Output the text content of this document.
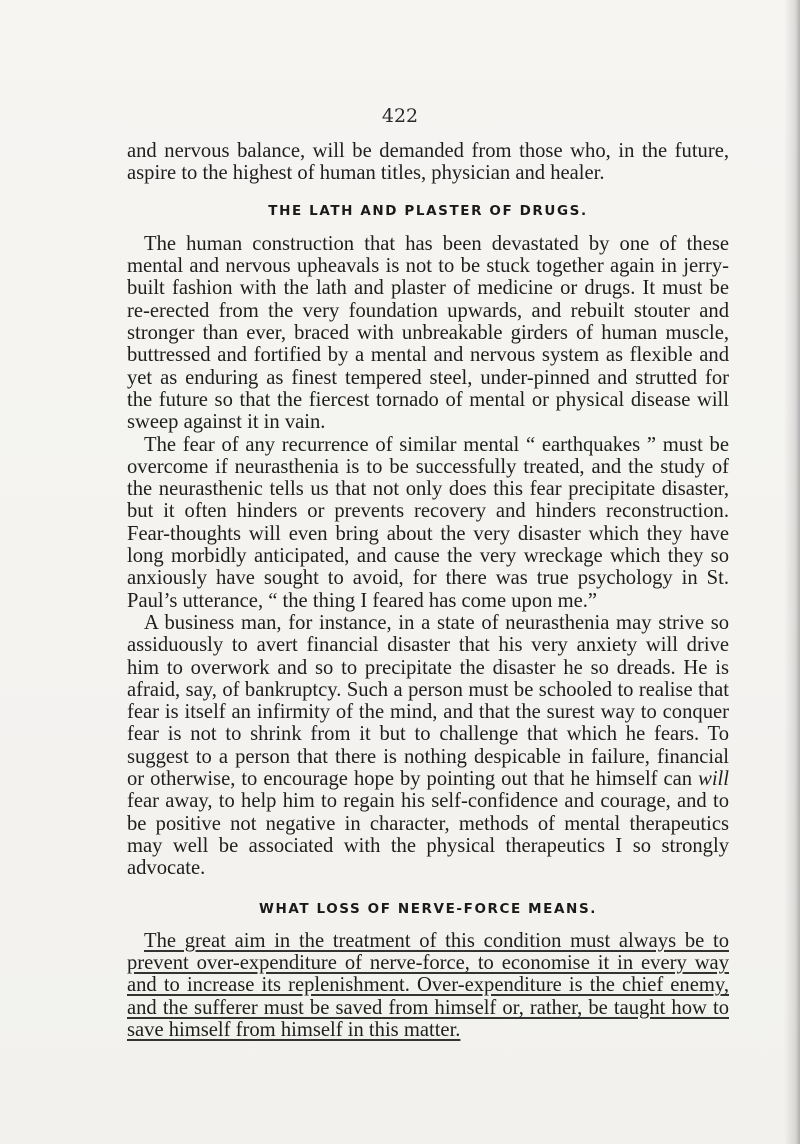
422

and nervous balance, will be demanded from those who, in the future, aspire to the highest of human titles, physician and healer.

THE LATH AND PLASTER OF DRUGS.

The human construction that has been devastated by one of these mental and nervous upheavals is not to be stuck together again in jerry-built fashion with the lath and plaster of medicine or drugs. It must be re-erected from the very foundation upwards, and rebuilt stouter and stronger than ever, braced with unbreakable girders of human muscle, buttressed and fortified by a mental and nervous system as flexible and yet as enduring as finest tempered steel, under-pinned and strutted for the future so that the fiercest tornado of mental or physical disease will sweep against it in vain.

The fear of any recurrence of similar mental “ earthquakes ” must be overcome if neurasthenia is to be successfully treated, and the study of the neurasthenic tells us that not only does this fear precipitate disaster, but it often hinders or prevents recovery and hinders reconstruction. Fear-thoughts will even bring about the very disaster which they have long morbidly anticipated, and cause the very wreckage which they so anxiously have sought to avoid, for there was true psychology in St. Paul’s utterance, “ the thing I feared has come upon me.”

A business man, for instance, in a state of neurasthenia may strive so assiduously to avert financial disaster that his very anxiety will drive him to overwork and so to precipitate the disaster he so dreads. He is afraid, say, of bankruptcy. Such a person must be schooled to realise that fear is itself an infirmity of the mind, and that the surest way to conquer fear is not to shrink from it but to challenge that which he fears. To suggest to a person that there is nothing despicable in failure, financial or otherwise, to encourage hope by pointing out that he himself can will fear away, to help him to regain his self-confidence and courage, and to be positive not negative in character, methods of mental therapeutics may well be associated with the physical therapeutics I so strongly advocate.

WHAT LOSS OF NERVE-FORCE MEANS.

The great aim in the treatment of this condition must always be to prevent over-expenditure of nerve-force, to economise it in every way and to increase its replenishment. Over-expenditure is the chief enemy, and the sufferer must be saved from himself or, rather, be taught how to save himself from himself in this matter.
